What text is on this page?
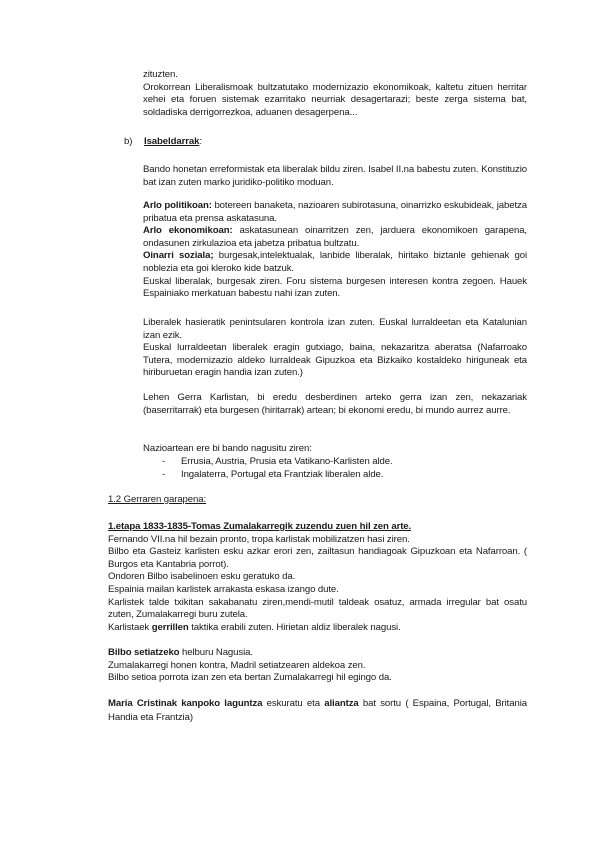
zituzten.

Orokorrean Liberalismoak bultzatutako modernizazio ekonomikoak, kaltetu zituen herritar xehei eta foruen sistemak ezarritako neurriak desagertarazi; beste zerga sistema bat, soldadiska derrigorrezkoa, aduanen desagerpena...

b) Isabeldarrak:

Bando honetan erreformistak eta liberalak bildu ziren. Isabel II.na babestu zuten. Konstituzio bat izan zuten marko juridiko-politiko moduan.

Arlo politikoan: botereen banaketa, nazioaren subirotasuna, oinarrizko eskubideak, jabetza pribatua eta prensa askatasuna.

Arlo ekonomikoan: askatasunean oinarritzen zen, jarduera ekonomikoen garapena, ondasunen zirkulazioa eta jabetza pribatua bultzatu.

Oinarri soziala; burgesak,intelektualak, lanbide liberalak, hiritako biztanle gehienak goi noblezia eta goi kleroko kide batzuk.

Euskal liberalak, burgesak ziren. Foru sistema burgesen interesen kontra zegoen. Hauek Espainiako merkatuan babestu nahi izan zuten.

Liberalek hasieratik penintsularen kontrola izan zuten. Euskal lurraldeetan eta Katalunian izan ezik.

Euskal lurraldeetan liberalek eragin gutxiago, baina, nekazaritza aberatsa (Nafarroako Tutera, modernizazio aldeko lurraldeak Gipuzkoa eta Bizkaiko kostaldeko hiriguneak eta hiriburuetan eragin handia izan zuten.)

Lehen Gerra Karlistan, bi eredu desberdinen arteko gerra izan zen, nekazariak (baserritarrak) eta burgesen (hiritarrak) artean; bi ekonomi eredu, bi mundo aurrez aurre.

Nazioartean ere bi bando nagusitu ziren:

- Errusia, Austria, Prusia eta Vatikano-Karlisten alde.

- Ingalaterra, Portugal eta Frantziak liberalen alde.

1.2 Gerraren garapena:

1.etapa 1833-1835-Tomas Zumalakarregik zuzendu zuen hil zen arte.

Fernando VII.na hil bezain pronto, tropa karlistak mobilizatzen hasi ziren.

Bilbo eta Gasteiz karlisten esku azkar erori zen, zailtasun handiagoak Gipuzkoan eta Nafarroan. ( Burgos eta Kantabria porrot).

Ondoren Bilbo isabelinoen esku geratuko da.

Espainia mailan karlistek arrakasta eskasa izango dute.

Karlistek talde txikitan sakabanatu ziren,mendi-mutil taldeak osatuz, armada irregular bat osatu zuten, Zumalakarregi buru zutela.

Karlistaek gerrillen taktika erabili zuten. Hirietan aldiz liberalek nagusi.

Bilbo setiatzeko helburu Nagusia.

Zumalakarregi honen kontra, Madril setiatzearen aldekoa zen.

Bilbo setioa porrota izan zen eta bertan Zumalakarregi hil egingo da.

Maria Cristinak kanpoko laguntza eskuratu eta aliantza bat sortu ( Espaina, Portugal, Britania Handia eta Frantzia)
